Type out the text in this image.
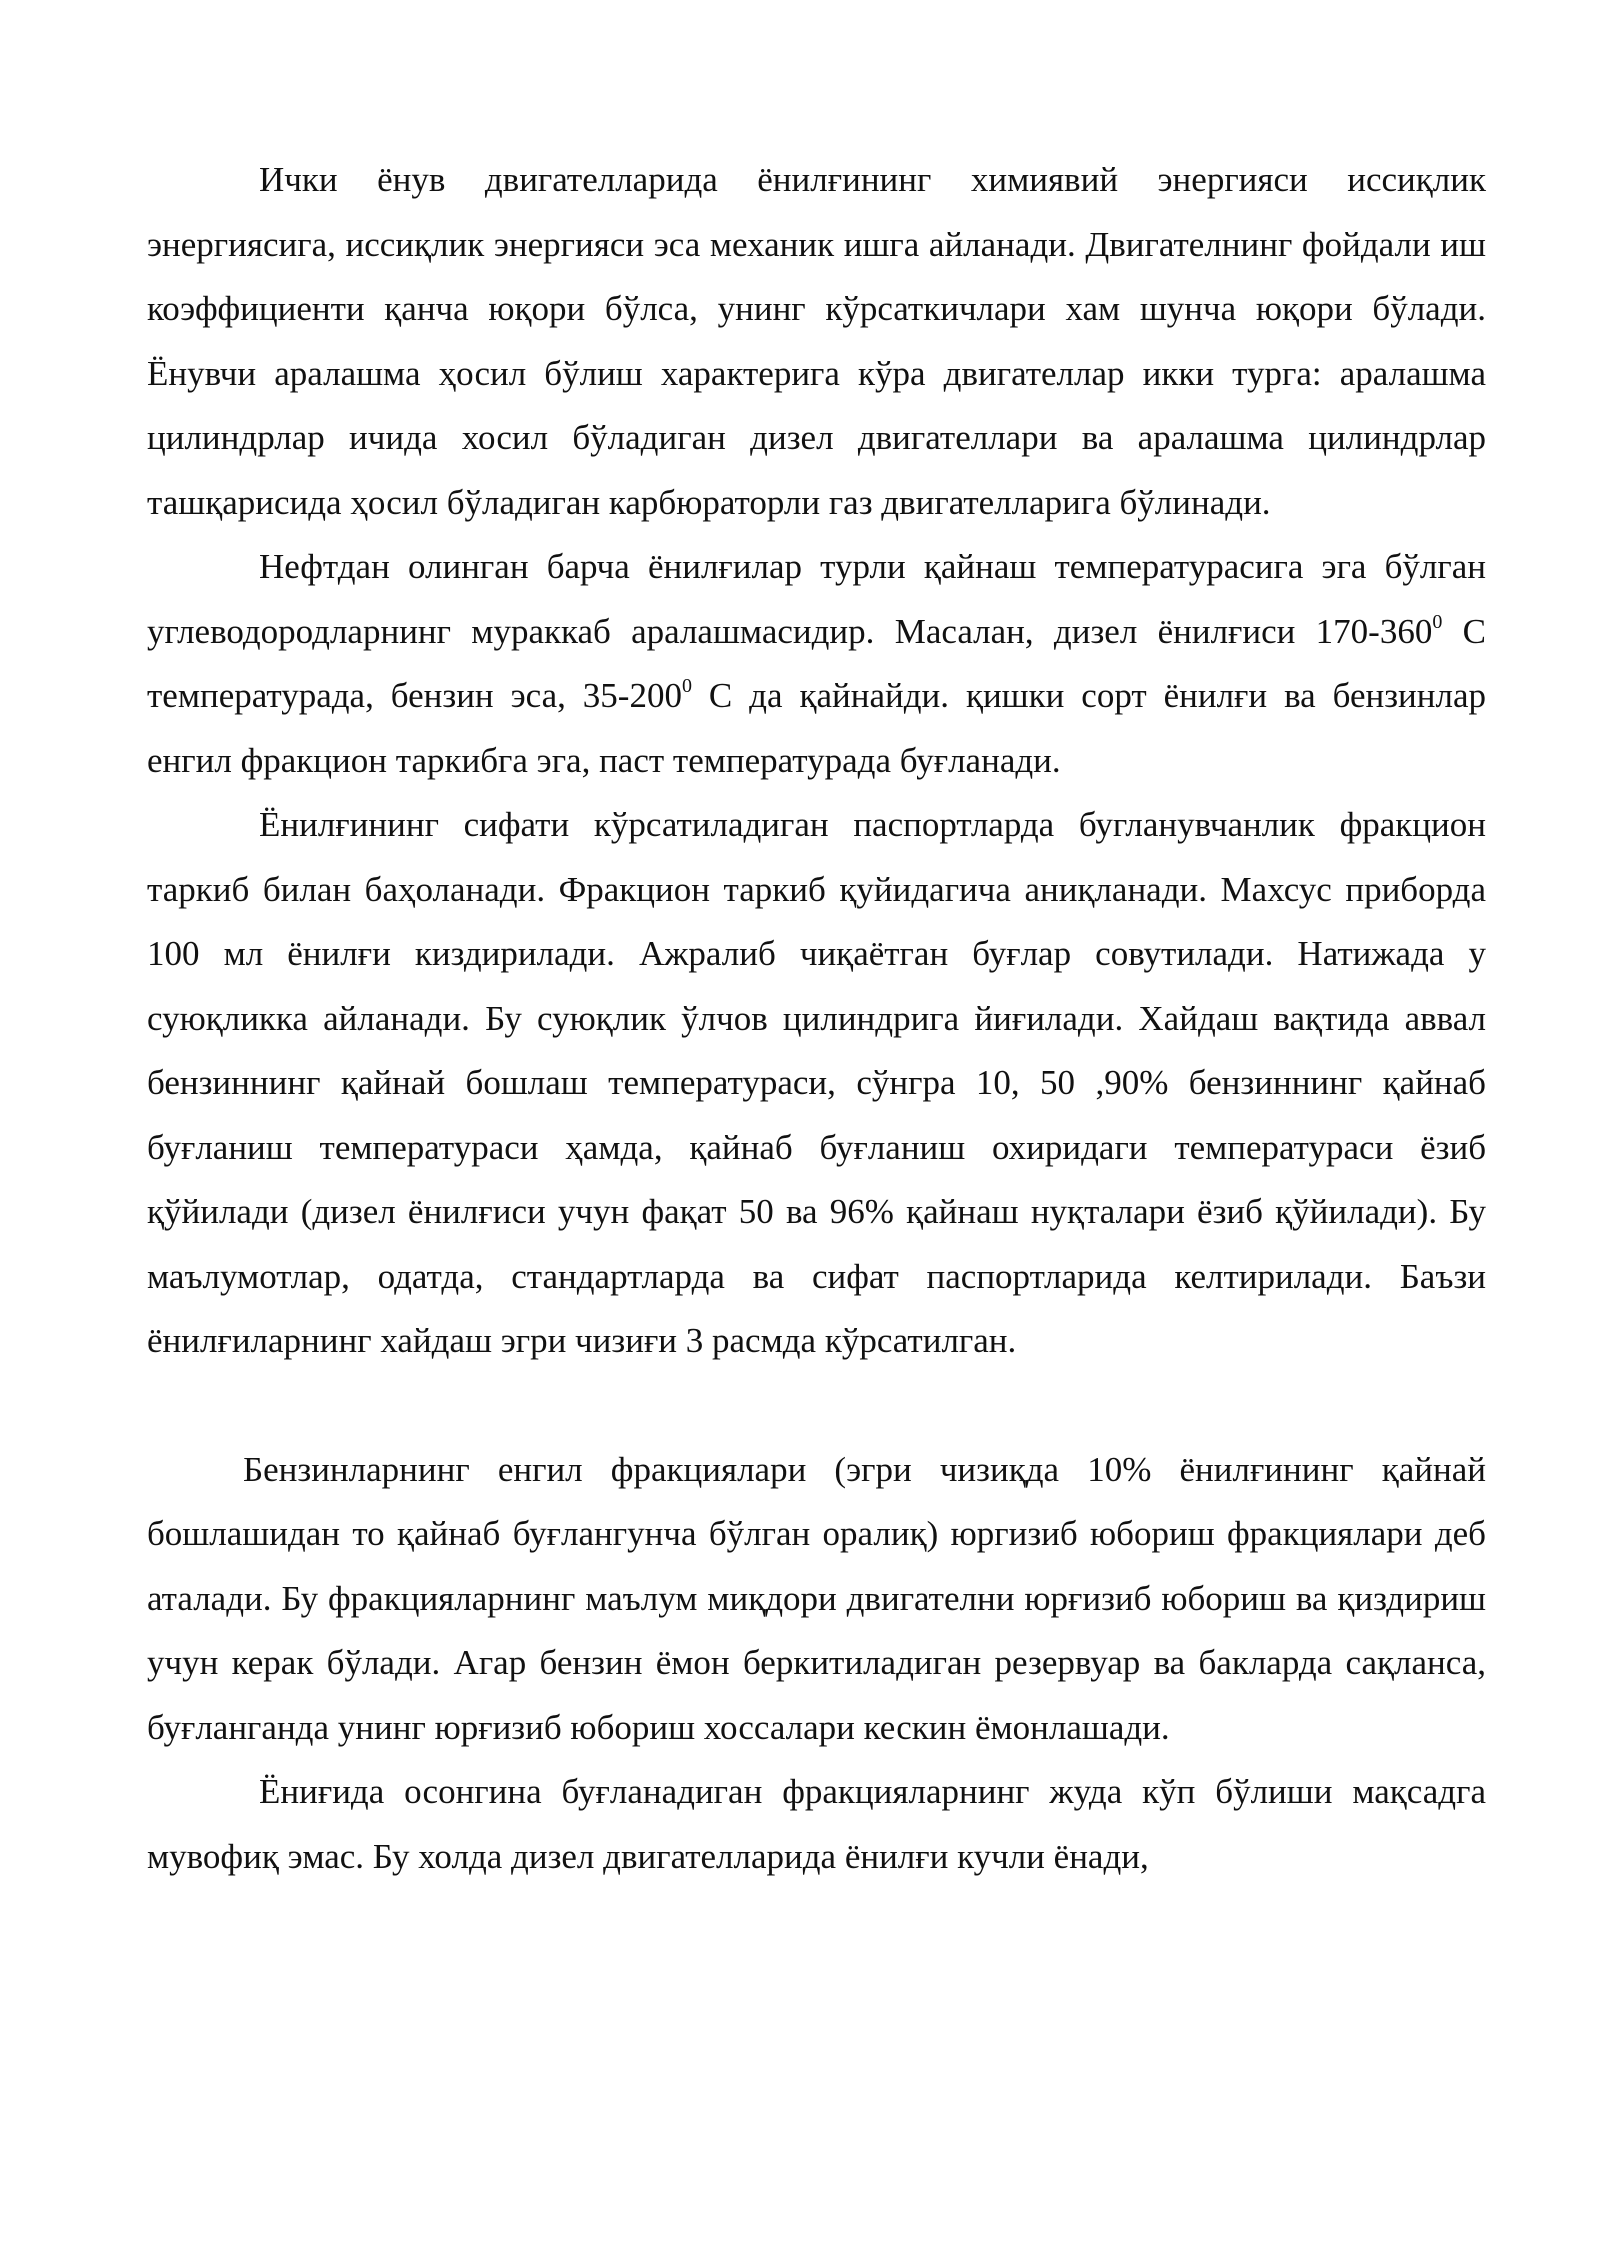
Ички ёнув двигателларида ёнилғининг химиявий энергияси иссиқлик энергиясига, иссиқлик энергияси эса механик ишга айланади. Двигателнинг фойдали иш коэффициенти қанча юқори бўлса, унинг кўрсаткичлари хам шунча юқори бўлади. Ёнувчи аралашма ҳосил бўлиш характерига кўра двигателлар икки турга: аралашма цилиндрлар ичида хосил бўладиган дизел двигателлари ва аралашма цилиндрлар ташқарисида ҳосил бўладиган карбюраторли газ двигателларига бўлинади.

Нефтдан олинган барча ёнилғилар турли қайнаш температурасига эга бўлган углеводородларнинг мураккаб аралашмасидир. Масалан, дизел ёнилғиси $170-360^0$ С температурада, бензин эса, $35-200^0$ С да қайнайди. қишки сорт ёнилғи ва бензинлар енгил фракцион таркибга эга, паст температурада буғланади.

Ёнилғининг сифати кўрсатиладиган паспортларда бугланувчанлик фракцион таркиб билан баҳоланади. Фракцион таркиб қуйидагича аниқланади. Махсус приборда 100 мл ёнилғи киздирилади. Ажралиб чиқаётган буғлар совутилади. Натижада у суюқликка айланади. Бу суюқлик ўлчов цилиндрига йиғилади. Хайдаш вақтида аввал бензиннинг қайнай бошлаш температураси, сўнгра 10, 50 ,90% бензиннинг қайнаб буғланиш температураси ҳамда, қайнаб буғланиш охиридаги температураси ёзиб қўйилади (дизел ёнилғиси учун фақат 50 ва 96% қайнаш нуқталари ёзиб қўйилади). Бу маълумотлар, одатда, стандартларда ва сифат паспортларида келтирилади. Баъзи ёнилғиларнинг хайдаш эгри чизиғи 3 расмда кўрсатилган.

Бензинларнинг енгил фракциялари (эгри чизиқда 10% ёнилғининг қайнай бошлашидан то қайнаб буғлангунча бўлган оралиқ) юргизиб юбориш фракциялари деб аталади. Бу фракцияларнинг маълум миқдори двигателни юрғизиб юбориш ва қиздириш учун керак бўлади. Агар бензин ёмон беркитиладиган резервуар ва бакларда сақланса, буғланганда унинг юрғизиб юбориш хоссалари кескин ёмонлашади.

Ёниғида осонгина буғланадиган фракцияларнинг жуда кўп бўлиши мақсадга мувофиқ эмас. Бу холда дизел двигателларида ёнилғи кучли ёнади,
